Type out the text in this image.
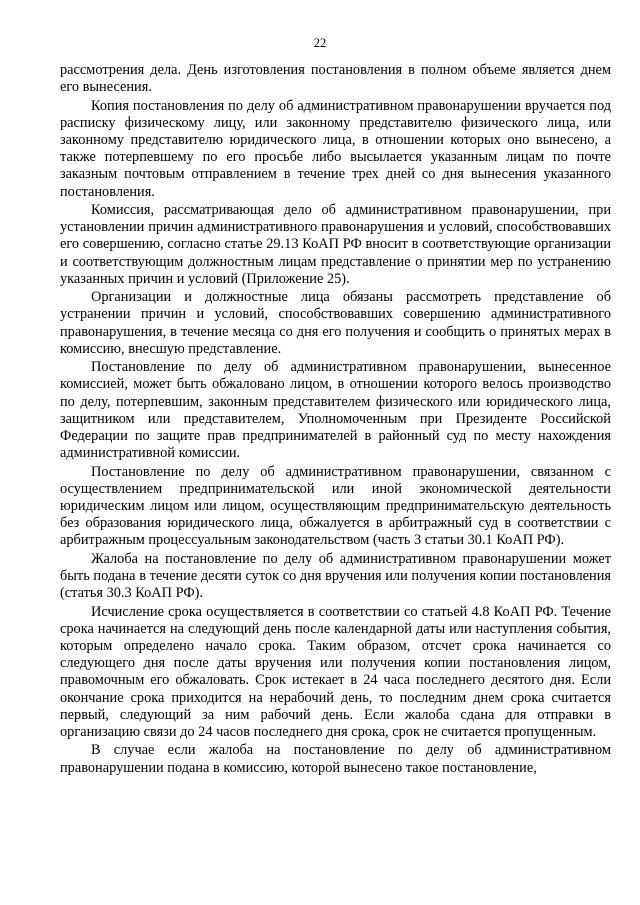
22

рассмотрения дела. День изготовления постановления в полном объеме является днем его вынесения.

Копия постановления по делу об административном правонарушении вручается под расписку физическому лицу, или законному представителю физического лица, или законному представителю юридического лица, в отношении которых оно вынесено, а также потерпевшему по его просьбе либо высылается указанным лицам по почте заказным почтовым отправлением в течение трех дней со дня вынесения указанного постановления.

Комиссия, рассматривающая дело об административном правонарушении, при установлении причин административного правонарушения и условий, способствовавших его совершению, согласно статье 29.13 КоАП РФ вносит в соответствующие организации и соответствующим должностным лицам представление о принятии мер по устранению указанных причин и условий (Приложение 25).

Организации и должностные лица обязаны рассмотреть представление об устранении причин и условий, способствовавших совершению административного правонарушения, в течение месяца со дня его получения и сообщить о принятых мерах в комиссию, внесшую представление.

Постановление по делу об административном правонарушении, вынесенное комиссией, может быть обжаловано лицом, в отношении которого велось производство по делу, потерпевшим, законным представителем физического или юридического лица, защитником или представителем, Уполномоченным при Президенте Российской Федерации по защите прав предпринимателей в районный суд по месту нахождения административной комиссии.

Постановление по делу об административном правонарушении, связанном с осуществлением предпринимательской или иной экономической деятельности юридическим лицом или лицом, осуществляющим предпринимательскую деятельность без образования юридического лица, обжалуется в арбитражный суд в соответствии с арбитражным процессуальным законодательством (часть 3 статьи 30.1 КоАП РФ).

Жалоба на постановление по делу об административном правонарушении может быть подана в течение десяти суток со дня вручения или получения копии постановления (статья 30.3 КоАП РФ).

Исчисление срока осуществляется в соответствии со статьей 4.8 КоАП РФ. Течение срока начинается на следующий день после календарной даты или наступления события, которым определено начало срока. Таким образом, отсчет срока начинается со следующего дня после даты вручения или получения копии постановления лицом, правомочным его обжаловать. Срок истекает в 24 часа последнего десятого дня. Если окончание срока приходится на нерабочий день, то последним днем срока считается первый, следующий за ним рабочий день. Если жалоба сдана для отправки в организацию связи до 24 часов последнего дня срока, срок не считается пропущенным.

В случае если жалоба на постановление по делу об административном правонарушении подана в комиссию, которой вынесено такое постановление,
